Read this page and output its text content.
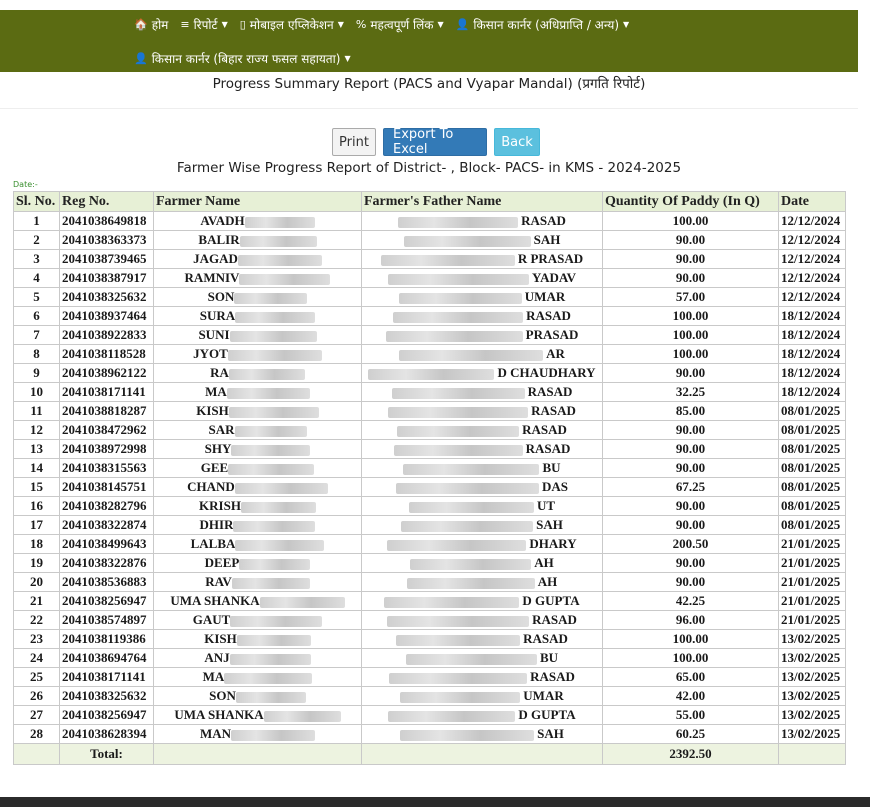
🏠 होम ≡ रिपोर्ट ▼ ▯ मोबाइल एप्लिकेशन ▼ % महत्वपूर्ण लिंक ▼ 👤 किसान कार्नर (अधिप्राप्ति / अन्य) ▼
👤 किसान कार्नर (बिहार राज्य फसल सहायता) ▼
Progress Summary Report (PACS and Vyapar Mandal) (प्रगति रिपोर्ट)
Print	Export To Excel	Back
Farmer Wise Progress Report of District- , Block- PACS- in KMS - 2024-2025
Date:-
Sl. No.	Reg No.	Farmer Name	Farmer's Father Name	Quantity Of Paddy (In Q)	Date
1	2041038649818	AVADH	RASAD	100.00	12/12/2024
2	2041038363373	BALIR	SAH	90.00	12/12/2024
3	2041038739465	JAGAD	R PRASAD	90.00	12/12/2024
4	2041038387917	RAMNIV	YADAV	90.00	12/12/2024
5	2041038325632	SON	UMAR	57.00	12/12/2024
6	2041038937464	SURA	RASAD	100.00	18/12/2024
7	2041038922833	SUNI	PRASAD	100.00	18/12/2024
8	2041038118528	JYOT	AR	100.00	18/12/2024
9	2041038962122	RA	D CHAUDHARY	90.00	18/12/2024
10	2041038171141	MA	RASAD	32.25	18/12/2024
11	2041038818287	KISH	RASAD	85.00	08/01/2025
12	2041038472962	SAR	RASAD	90.00	08/01/2025
13	2041038972998	SHY	RASAD	90.00	08/01/2025
14	2041038315563	GEE	BU	90.00	08/01/2025
15	2041038145751	CHAND	DAS	67.25	08/01/2025
16	2041038282796	KRISH	UT	90.00	08/01/2025
17	2041038322874	DHIR	SAH	90.00	08/01/2025
18	2041038499643	LALBA	DHARY	200.50	21/01/2025
19	2041038322876	DEEP	AH	90.00	21/01/2025
20	2041038536883	RAV	AH	90.00	21/01/2025
21	2041038256947	UMA SHANKA	D GUPTA	42.25	21/01/2025
22	2041038574897	GAUT	RASAD	96.00	21/01/2025
23	2041038119386	KISH	RASAD	100.00	13/02/2025
24	2041038694764	ANJ	BU	100.00	13/02/2025
25	2041038171141	MA	RASAD	65.00	13/02/2025
26	2041038325632	SON	UMAR	42.00	13/02/2025
27	2041038256947	UMA SHANKA	D GUPTA	55.00	13/02/2025
28	2041038628394	MAN	SAH	60.25	13/02/2025
	Total:			2392.50	
